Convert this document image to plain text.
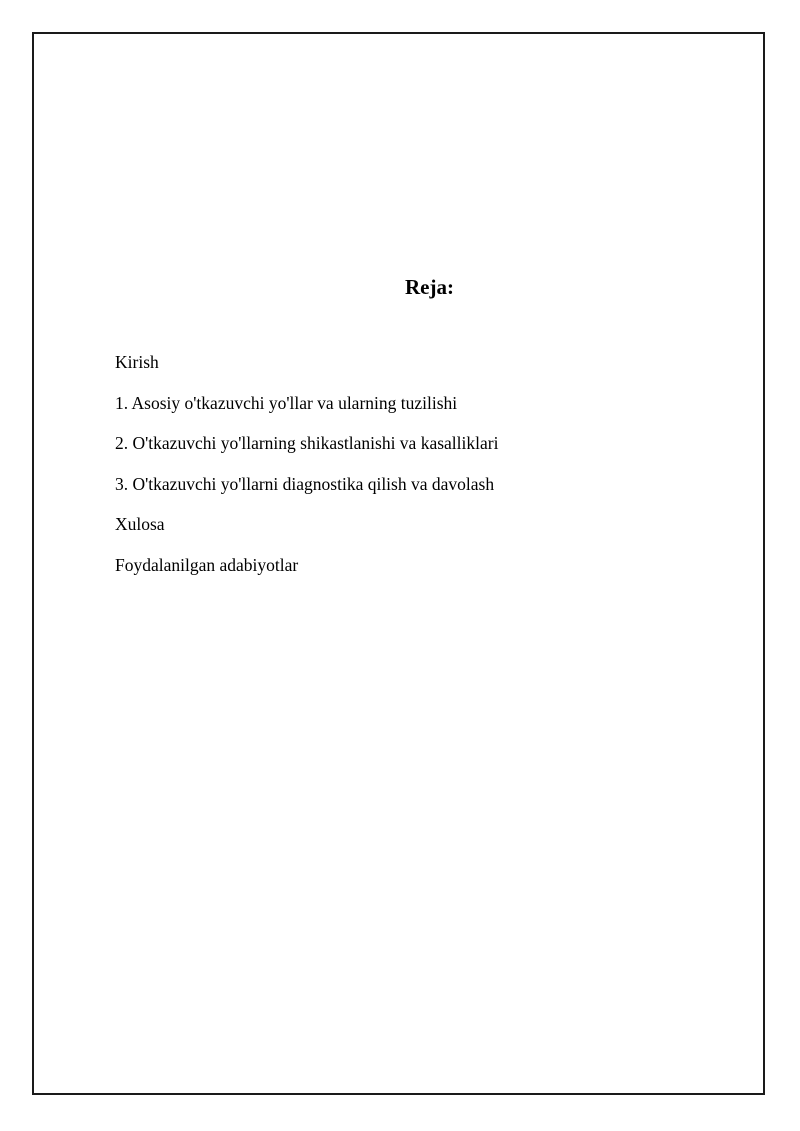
Reja:
Kirish
1. Asosiy o'tkazuvchi yo'llar va ularning tuzilishi
2. O'tkazuvchi yo'llarning shikastlanishi va kasalliklari
3. O'tkazuvchi yo'llarni diagnostika qilish va davolash
Xulosa
Foydalanilgan adabiyotlar
